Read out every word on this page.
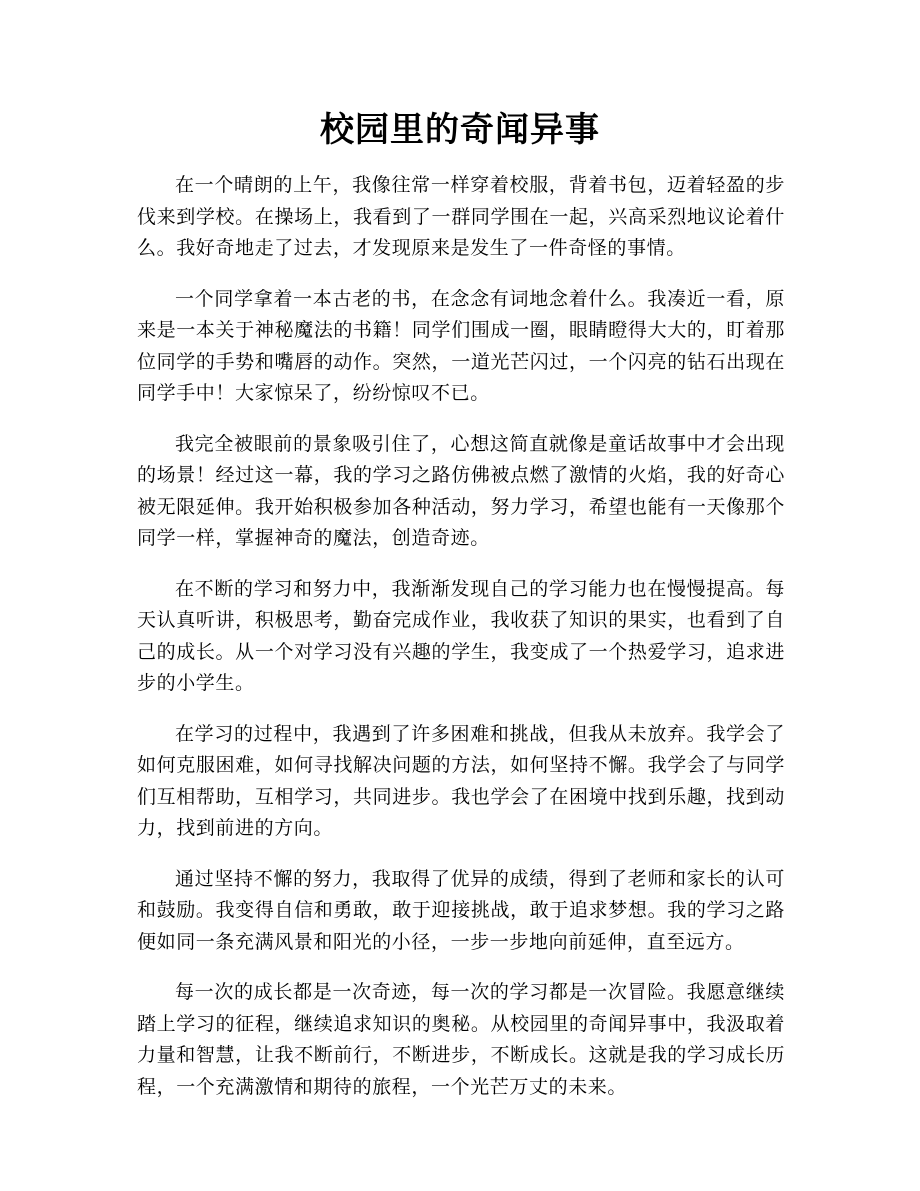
校园里的奇闻异事

在一个晴朗的上午，我像往常一样穿着校服，背着书包，迈着轻盈的步伐来到学校。在操场上，我看到了一群同学围在一起，兴高采烈地议论着什么。我好奇地走了过去，才发现原来是发生了一件奇怪的事情。

一个同学拿着一本古老的书，在念念有词地念着什么。我凑近一看，原来是一本关于神秘魔法的书籍！同学们围成一圈，眼睛瞪得大大的，盯着那位同学的手势和嘴唇的动作。突然，一道光芒闪过，一个闪亮的钻石出现在同学手中！大家惊呆了，纷纷惊叹不已。

我完全被眼前的景象吸引住了，心想这简直就像是童话故事中才会出现的场景！经过这一幕，我的学习之路仿佛被点燃了激情的火焰，我的好奇心被无限延伸。我开始积极参加各种活动，努力学习，希望也能有一天像那个同学一样，掌握神奇的魔法，创造奇迹。

在不断的学习和努力中，我渐渐发现自己的学习能力也在慢慢提高。每天认真听讲，积极思考，勤奋完成作业，我收获了知识的果实，也看到了自己的成长。从一个对学习没有兴趣的学生，我变成了一个热爱学习，追求进步的小学生。

在学习的过程中，我遇到了许多困难和挑战，但我从未放弃。我学会了如何克服困难，如何寻找解决问题的方法，如何坚持不懈。我学会了与同学们互相帮助，互相学习，共同进步。我也学会了在困境中找到乐趣，找到动力，找到前进的方向。

通过坚持不懈的努力，我取得了优异的成绩，得到了老师和家长的认可和鼓励。我变得自信和勇敢，敢于迎接挑战，敢于追求梦想。我的学习之路便如同一条充满风景和阳光的小径，一步一步地向前延伸，直至远方。

每一次的成长都是一次奇迹，每一次的学习都是一次冒险。我愿意继续踏上学习的征程，继续追求知识的奥秘。从校园里的奇闻异事中，我汲取着力量和智慧，让我不断前行，不断进步，不断成长。这就是我的学习成长历程，一个充满激情和期待的旅程，一个光芒万丈的未来。
